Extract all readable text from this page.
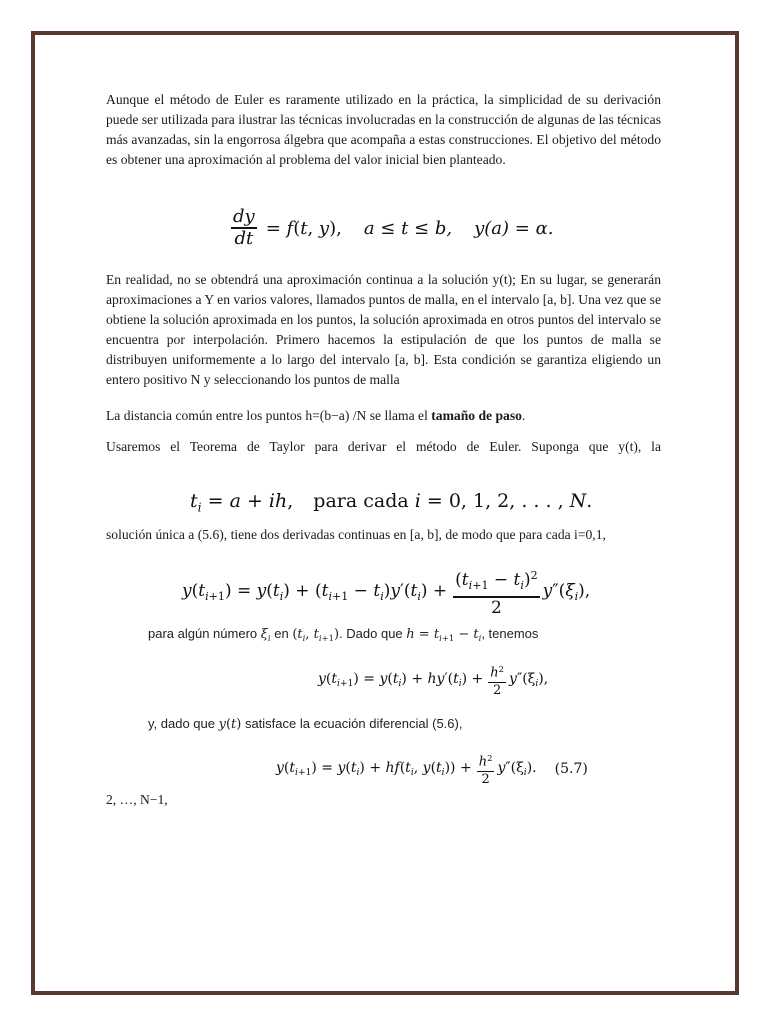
Aunque el método de Euler es raramente utilizado en la práctica, la simplicidad de su derivación puede ser utilizada para ilustrar las técnicas involucradas en la construcción de algunas de las técnicas más avanzadas, sin la engorrosa álgebra que acompaña a estas construcciones. El objetivo del método es obtener una aproximación al problema del valor inicial bien planteado.

$\frac{dy}{dt} = f(t$, y), a ≤ t ≤ b, y(a) = α.

En realidad, no se obtendrá una aproximación continua a la solución y(t); En su lugar, se generarán aproximaciones a Y en varios valores, llamados puntos de malla, en el intervalo [a, b]. Una vez que se obtiene la solución aproximada en los puntos, la solución aproximada en otros puntos del intervalo se encuentra por interpolación. Primero hacemos la estipulación de que los puntos de malla se distribuyen uniformemente a lo largo del intervalo [a, b]. Esta condición se garantiza eligiendo un entero positivo N y seleccionando los puntos de malla

La distancia común entre los puntos h=(b−a) /N se llama el tamaño de paso.

Usaremos el Teorema de Taylor para derivar el método de Euler. Suponga que y(t), la

$t_i = a$ + ih, para cada i = 0, 1, 2, . . . , N.

solución única a (5.6), tiene dos derivadas continuas en [a, b], de modo que para cada i=0,1,

$y(t_{i+1}) = y(t_i) + (t_{i+1} - t_i)y'(t_i) + \frac{(t_{i+1} - t_i)^2}{2} y''(\xi_i)$,
para algún número $\xi_i$ en ($t_i$, $t_{i+1}$). Dado que $h = t_{i+1} - t_i$, tenemos
$y(t_{i+1}) = y(t_i) + hy'(t_i) + \frac{h^2}{2} y''(\xi_i)$,
y, dado que y(t) satisface la ecuación diferencial (5.6),
$y(t_{i+1}) = y(t_i) + hf(t_i$, $y(t_i)) + \frac{h^2}{2} y''(\xi_i)$. (5.7)

2, …, N−1,
